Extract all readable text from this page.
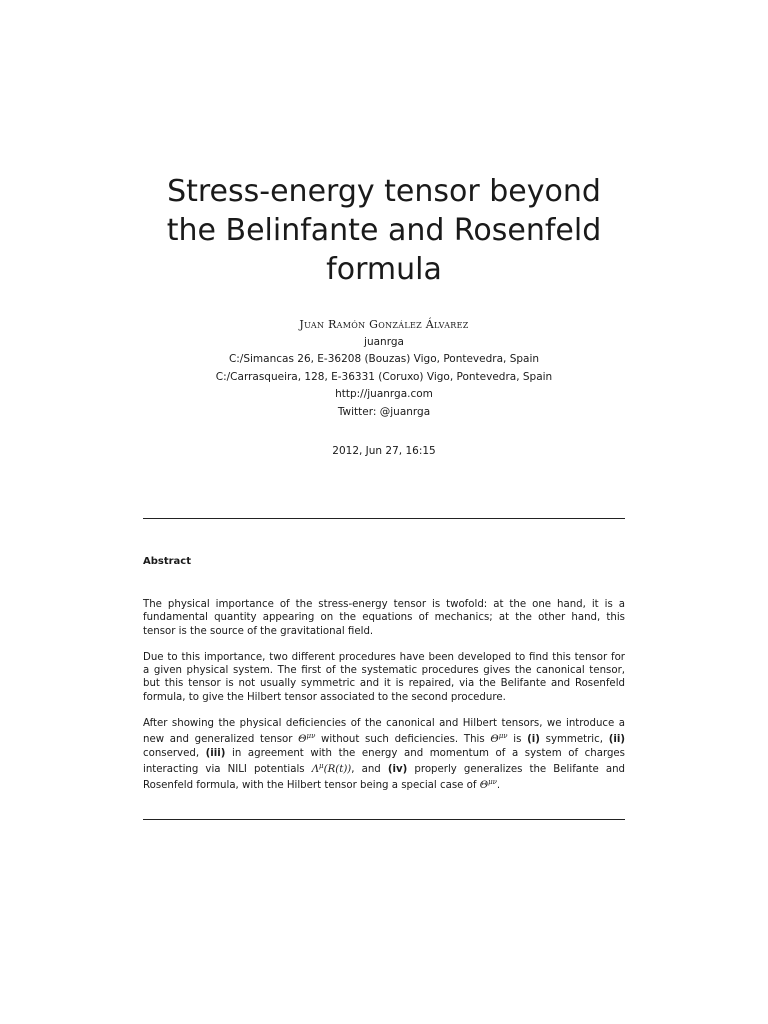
Stress-energy tensor beyond
the Belinfante and Rosenfeld
formula
Juan Ramón González Álvarez
juanrga
C:/Simancas 26, E-36208 (Bouzas) Vigo, Pontevedra, Spain
C:/Carrasqueira, 128, E-36331 (Coruxo) Vigo, Pontevedra, Spain
http://juanrga.com
Twitter: @juanrga
2012, Jun 27, 16:15
Abstract

The physical importance of the stress-energy tensor is twofold: at the one hand, it is a fundamental quantity appearing on the equations of mechanics; at the other hand, this tensor is the source of the gravitational field.

Due to this importance, two different procedures have been developed to find this tensor for a given physical system. The first of the systematic procedures gives the canonical tensor, but this tensor is not usually symmetric and it is repaired, via the Belifante and Rosenfeld formula, to give the Hilbert tensor associated to the second procedure.

After showing the physical deficiencies of the canonical and Hilbert tensors, we introduce a new and generalized tensor $\Theta^{\mu\nu}$ without such deficiencies. This $\Theta^{\mu\nu}$ is (i) symmetric, (ii) conserved, (iii) in agreement with the energy and momentum of a system of charges interacting via NILI potentials $\Lambda^\mu(R(t))$, and (iv) properly generalizes the Belifante and Rosenfeld formula, with the Hilbert tensor being a special case of $\Theta^{\mu\nu}$.
